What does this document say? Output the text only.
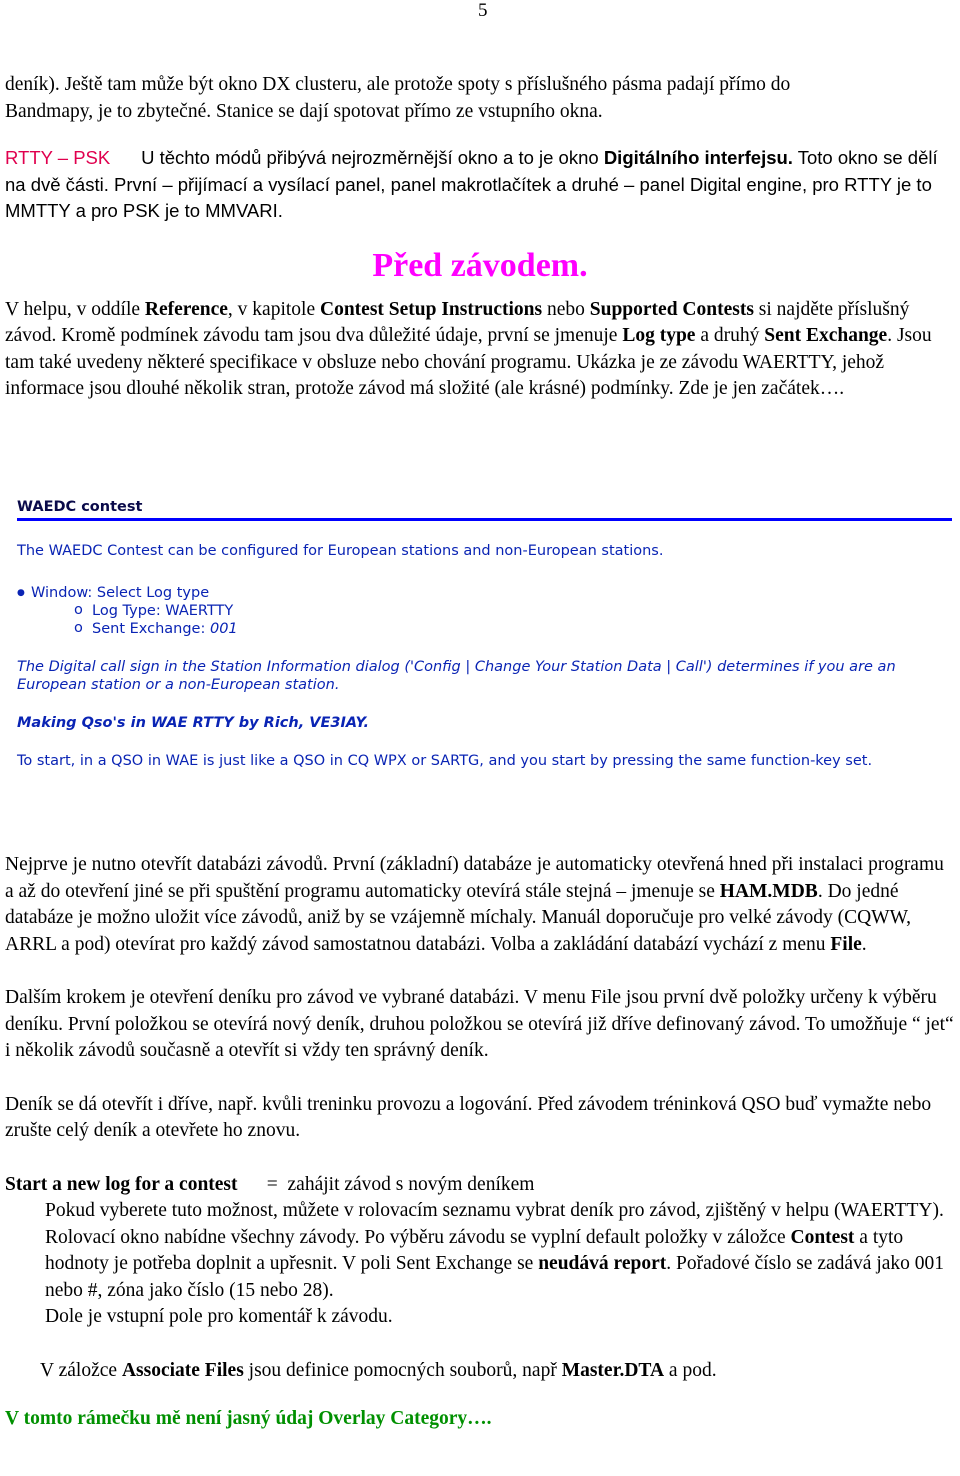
5

deník). Ještě tam může být okno DX clusteru, ale protože spoty s příslušného pásma padají přímo do
Bandmapy, je to zbytečné. Stanice se dají spotovat přímo ze vstupního okna.

RTTY – PSK U těchto módů přibývá nejrozměrnější okno a to je okno Digitálního interfejsu. Toto okno se dělí na dvě části. První – přijímací a vysílací panel, panel makrotlačítek a druhé – panel Digital engine, pro RTTY je to MMTTY a pro PSK je to MMVARI.

Před závodem.

V helpu, v oddíle Reference, v kapitole Contest Setup Instructions nebo Supported Contests si najděte příslušný závod. Kromě podmínek závodu tam jsou dva důležité údaje, první se jmenuje Log type a druhý Sent Exchange. Jsou tam také uvedeny některé specifikace v obsluze nebo chování programu. Ukázka je ze závodu WAERTTY, jehož informace jsou dlouhé několik stran, protože závod má složité (ale krásné) podmínky. Zde je jen začátek….

WAEDC contest
The WAEDC Contest can be configured for European stations and non-European stations.
● Window: Select Log type
o Log Type: WAERTTY
o Sent Exchange: 001
The Digital call sign in the Station Information dialog ('Config | Change Your Station Data | Call') determines if you are an European station or a non-European station.
Making Qso's in WAE RTTY by Rich, VE3IAY.
To start, in a QSO in WAE is just like a QSO in CQ WPX or SARTG, and you start by pressing the same function-key set.

Nejprve je nutno otevřít databázi závodů. První (základní) databáze je automaticky otevřená hned při instalaci programu a až do otevření jiné se při spuštění programu automaticky otevírá stále stejná – jmenuje se HAM.MDB. Do jedné databáze je možno uložit více závodů, aniž by se vzájemně míchaly. Manuál doporučuje pro velké závody (CQWW, ARRL a pod) otevírat pro každý závod samostatnou databázi. Volba a zakládání databází vychází z menu File.

Dalším krokem je otevření deníku pro závod ve vybrané databázi. V menu File jsou první dvě položky určeny k výběru deníku. První položkou se otevírá nový deník, druhou položkou se otevírá již dříve definovaný závod. To umožňuje “ jet“ i několik závodů současně a otevřít si vždy ten správný deník.

Deník se dá otevřít i dříve, např. kvůli treninku provozu a logování. Před závodem tréninková QSO buď vymažte nebo zrušte celý deník a otevřete ho znovu.

Start a new log for a contest      =  zahájit závod s novým deníkem

Pokud vyberete tuto možnost, můžete v rolovacím seznamu vybrat deník pro závod, zjištěný v helpu (WAERTTY). Rolovací okno nabídne všechny závody. Po výběru závodu se vyplní default položky v záložce Contest a tyto hodnoty je potřeba doplnit a upřesnit. V poli Sent Exchange se neudává report. Pořadové číslo se zadává jako 001 nebo #, zóna jako číslo (15 nebo 28).
Dole je vstupní pole pro komentář k závodu.

V záložce Associate Files jsou definice pomocných souborů, např Master.DTA a pod.

V tomto rámečku mě není jasný údaj Overlay Category….
